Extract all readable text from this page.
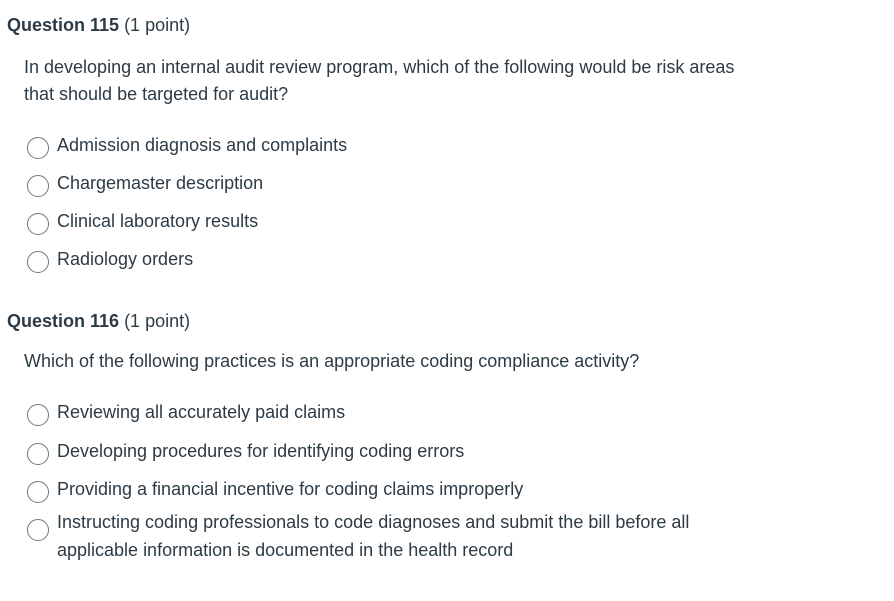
Question 115 (1 point)
In developing an internal audit review program, which of the following would be risk areas that should be targeted for audit?
Admission diagnosis and complaints
Chargemaster description
Clinical laboratory results
Radiology orders
Question 116 (1 point)
Which of the following practices is an appropriate coding compliance activity?
Reviewing all accurately paid claims
Developing procedures for identifying coding errors
Providing a financial incentive for coding claims improperly
Instructing coding professionals to code diagnoses and submit the bill before all applicable information is documented in the health record
